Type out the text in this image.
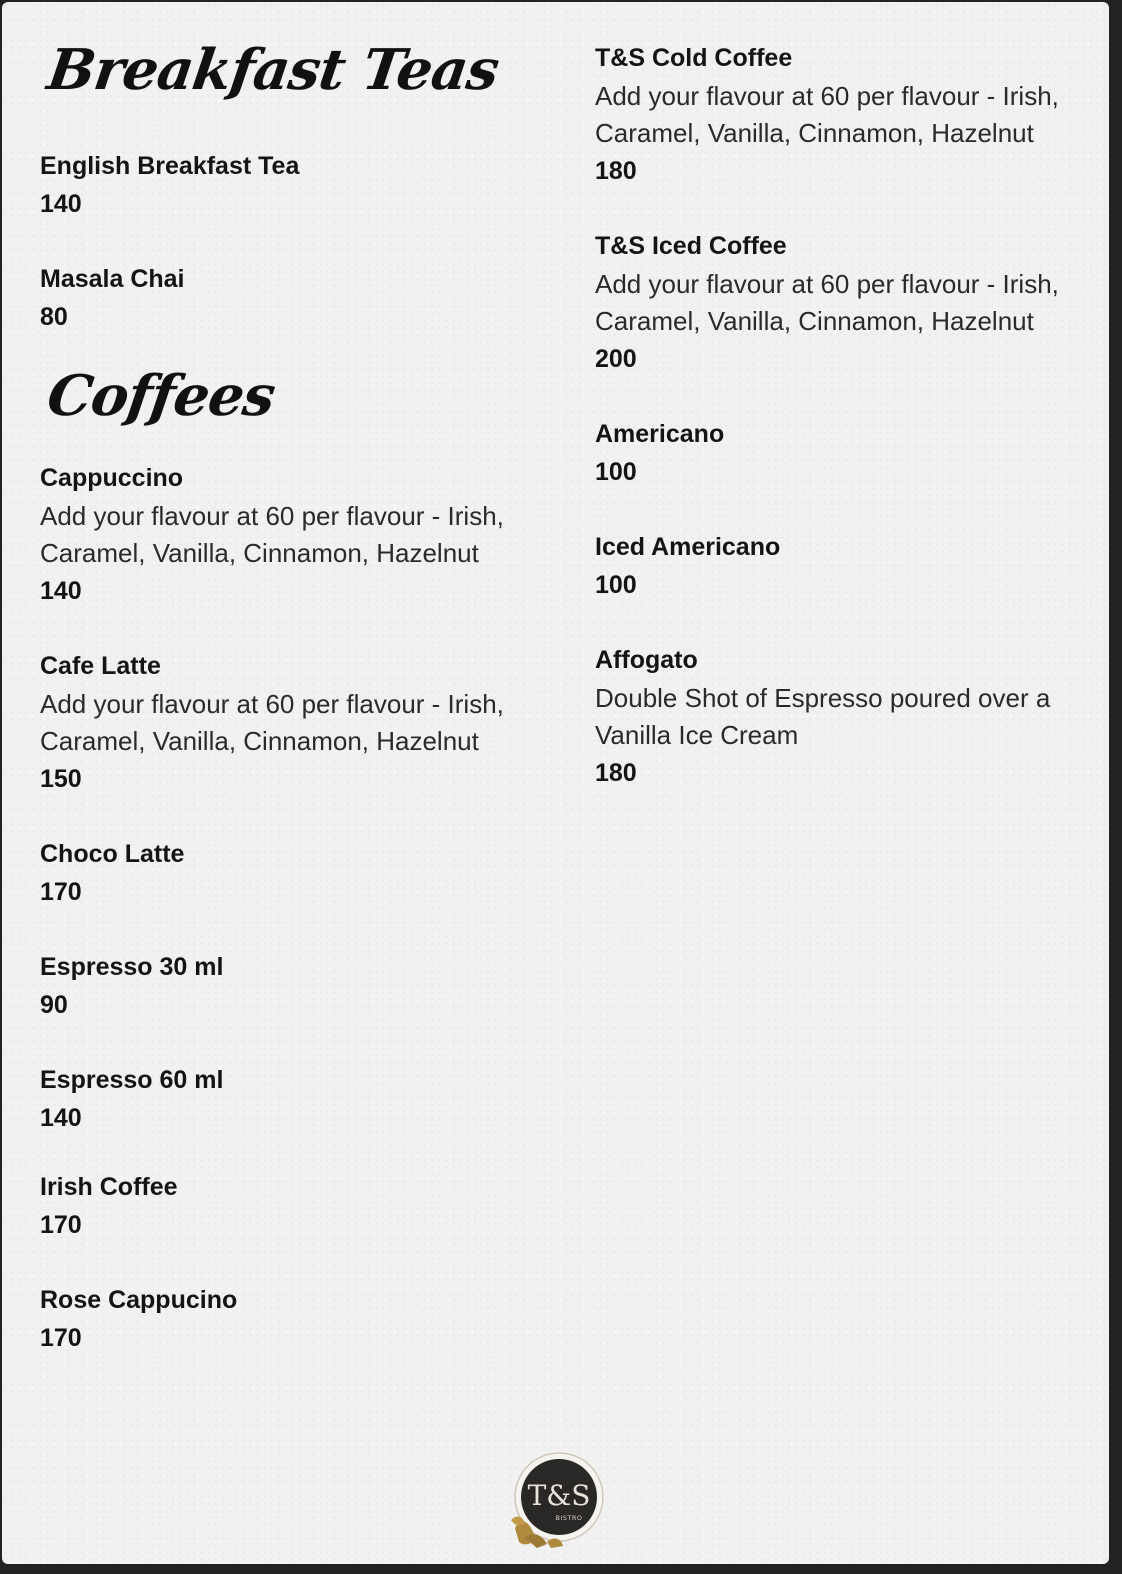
Breakfast Teas
English Breakfast Tea
140
Masala Chai
80
Coffees
Cappuccino
Add your flavour at 60 per flavour - Irish, Caramel, Vanilla, Cinnamon, Hazelnut
140
Cafe Latte
Add your flavour at 60 per flavour - Irish, Caramel, Vanilla, Cinnamon, Hazelnut
150
Choco Latte
170
Espresso 30 ml
90
Espresso 60 ml
140
Irish Coffee
170
Rose Cappucino
170
T&S Cold Coffee
Add your flavour at 60 per flavour - Irish, Caramel, Vanilla, Cinnamon, Hazelnut
180
T&S Iced Coffee
Add your flavour at 60 per flavour - Irish, Caramel, Vanilla, Cinnamon, Hazelnut
200
Americano
100
Iced Americano
100
Affogato
Double Shot of Espresso poured over a Vanilla Ice Cream
180
T&S
BISTRO
